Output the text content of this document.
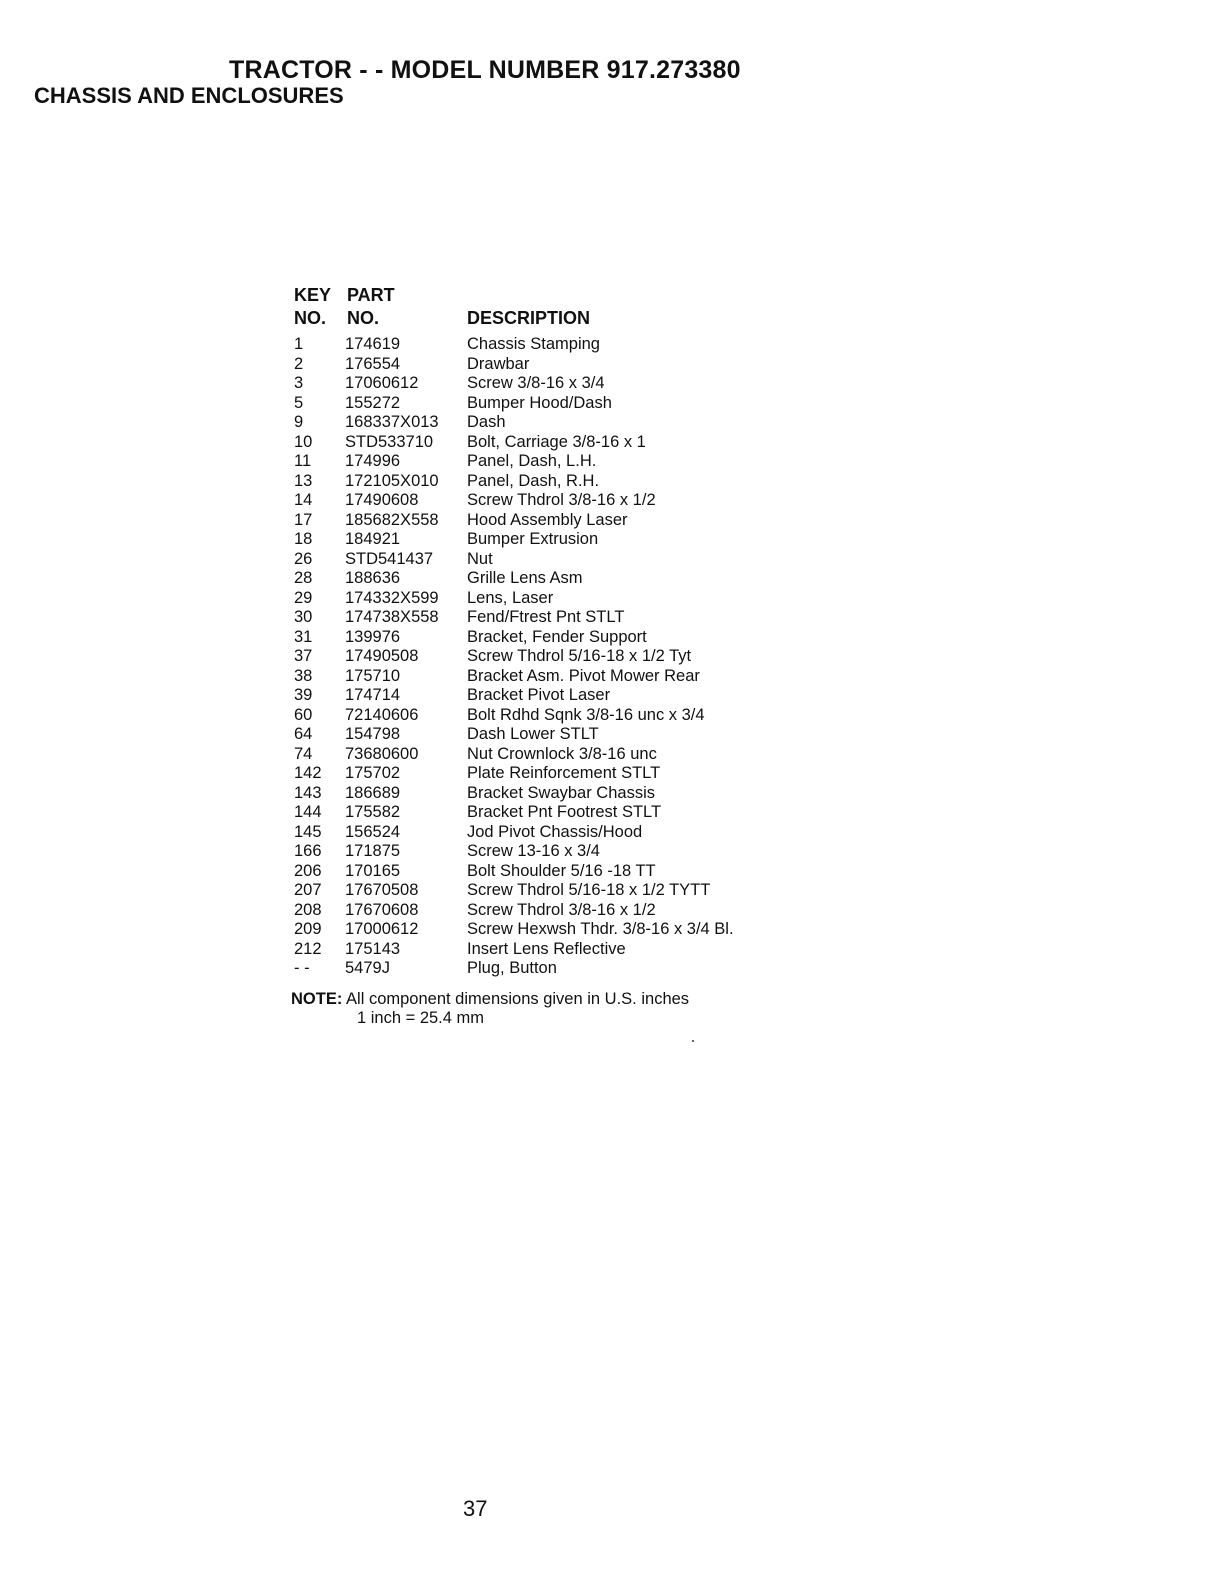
TRACTOR - - MODEL NUMBER 917.273380
CHASSIS AND ENCLOSURES
KEY PART
NO. NO.	DESCRIPTION
1	174619	Chassis Stamping
2	176554	Drawbar
3	17060612	Screw 3/8-16 x 3/4
5	155272	Bumper Hood/Dash
9	168337X013 Dash
10 STD533710 Bolt, Carriage 3/8-16 x 1
11 174996	Panel, Dash, L.H.
13 172105X010 Panel, Dash, R.H.
14 17490608	Screw Thdrol 3/8-16 x 1/2
17 185682X558 Hood Assembly Laser
18 184921	Bumper Extrusion
26 STD541437 Nut
28 188636	Grille Lens Asm
29 174332X599 Lens, Laser
30 174738X558 Fend/Ftrest Pnt STLT
31 139976	Bracket, Fender Support
37 17490508	Screw Thdrol 5/16-18 x 1/2 Tyt
38 175710	Bracket Asm. Pivot Mower Rear
39 174714	Bracket Pivot Laser
60 72140606	Bolt Rdhd Sqnk 3/8-16 unc x 3/4
64 154798	Dash Lower STLT
74 73680600	Nut Crownlock 3/8-16 unc
142 175702	Plate Reinforcement STLT
143 186689	Bracket Swaybar Chassis
144 175582	Bracket Pnt Footrest STLT
145 156524	Jod Pivot Chassis/Hood
166 171875	Screw 13-16 x 3/4
206 170165	Bolt Shoulder 5/16 -18 TT
207 17670508	Screw Thdrol 5/16-18 x 1/2 TYTT
208 17670608	Screw Thdrol 3/8-16 x 1/2
209 17000612	Screw Hexwsh Thdr. 3/8-16 x 3/4 Bl.
212 175143	Insert Lens Reflective
- - 5479J	Plug, Button
NOTE: All component dimensions given in U.S. inches
1 inch = 25.4 mm
37
